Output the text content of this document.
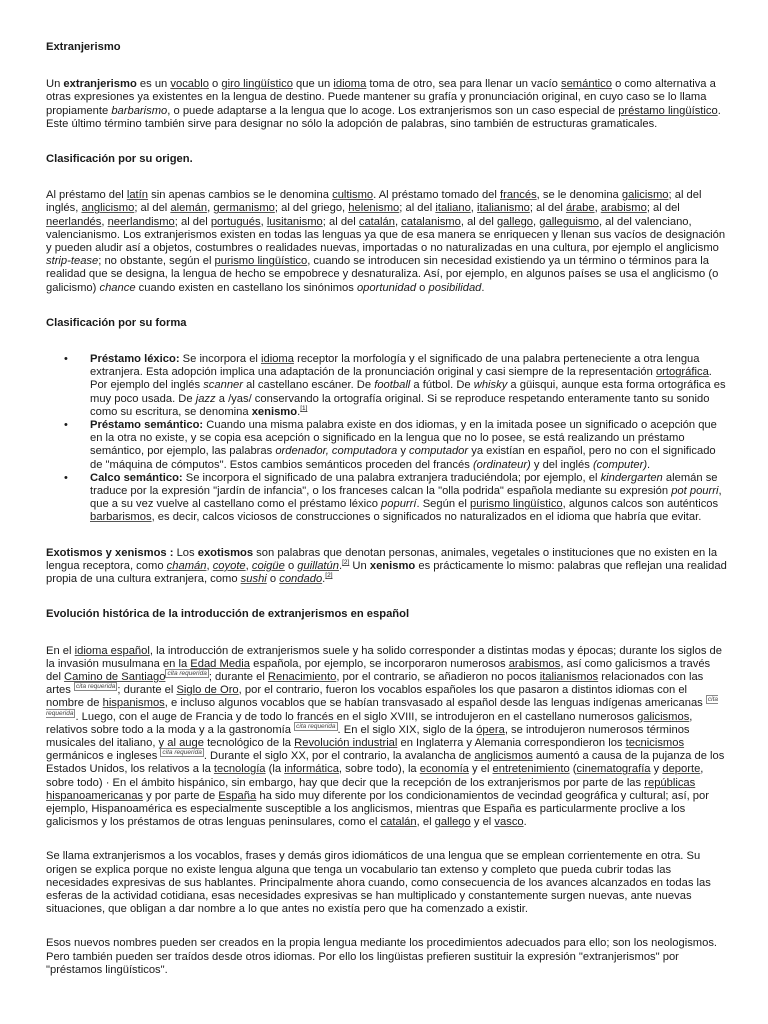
Extranjerismo

Un extranjerismo es un vocablo o giro lingüístico que un idioma toma de otro, sea para llenar un vacío semántico o como alternativa a otras expresiones ya existentes en la lengua de destino. Puede mantener su grafía y pronunciación original, en cuyo caso se lo llama propiamente barbarismo, o puede adaptarse a la lengua que lo acoge. Los extranjerismos son un caso especial de préstamo lingüístico. Este último término también sirve para designar no sólo la adopción de palabras, sino también de estructuras gramaticales.

Clasificación por su origen.

Al préstamo del latín sin apenas cambios se le denomina cultismo. Al préstamo tomado del francés, se le denomina galicismo; al del inglés, anglicismo; al del alemán, germanismo; al del griego, helenismo; al del italiano, italianismo; al del árabe, arabismo; al del neerlandés, neerlandismo; al del portugués, lusitanismo; al del catalán, catalanismo, al del gallego, galleguismo, al del valenciano, valencianismo. Los extranjerismos existen en todas las lenguas ya que de esa manera se enriquecen y llenan sus vacíos de designación y pueden aludir así a objetos, costumbres o realidades nuevas, importadas o no naturalizadas en una cultura, por ejemplo el anglicismo strip-tease; no obstante, según el purismo lingüístico, cuando se introducen sin necesidad existiendo ya un término o términos para la realidad que se designa, la lengua de hecho se empobrece y desnaturaliza. Así, por ejemplo, en algunos países se usa el anglicismo (o galicismo) chance cuando existen en castellano los sinónimos oportunidad o posibilidad.

Clasificación por su forma
• Préstamo léxico: Se incorpora el idioma receptor la morfología y el significado de una palabra perteneciente a otra lengua extranjera. Esta adopción implica una adaptación de la pronunciación original y casi siempre de la representación ortográfica. Por ejemplo del inglés scanner al castellano escáner. De football a fútbol. De whisky a güisqui, aunque esta forma ortográfica es muy poco usada. De jazz a /yas/ conservando la ortografía original. Si se reproduce respetando enteramente tanto su sonido como su escritura, se denomina xenismo.[1]
• Préstamo semántico: Cuando una misma palabra existe en dos idiomas, y en la imitada posee un significado o acepción que en la otra no existe, y se copia esa acepción o significado en la lengua que no lo posee, se está realizando un préstamo semántico, por ejemplo, las palabras ordenador, computadora y computador ya existían en español, pero no con el significado de "máquina de cómputos". Estos cambios semánticos proceden del francés (ordinateur) y del inglés (computer).
• Calco semántico: Se incorpora el significado de una palabra extranjera traduciéndola; por ejemplo, el kindergarten alemán se traduce por la expresión "jardín de infancia", o los franceses calcan la "olla podrida" española mediante su expresión pot pourri, que a su vez vuelve al castellano como el préstamo léxico popurrí. Según el purismo lingüístico, algunos calcos son auténticos barbarismos, es decir, calcos viciosos de construcciones o significados no naturalizados en el idioma que habría que evitar.

Exotismos y xenismos : Los exotismos son palabras que denotan personas, animales, vegetales o instituciones que no existen en la lengua receptora, como chamán, coyote, coigüe o guillatún.[2] Un xenismo es prácticamente lo mismo: palabras que reflejan una realidad propia de una cultura extranjera, como sushi o condado.[2]

Evolución histórica de la introducción de extranjerismos en español

En el idioma español, la introducción de extranjerismos suele y ha solido corresponder a distintas modas y épocas; durante los siglos de la invasión musulmana en la Edad Media española, por ejemplo, se incorporaron numerosos arabismos, así como galicismos a través del Camino de Santiago $^{cita requerida}$ ; durante el Renacimiento, por el contrario, se añadieron no pocos italianismos relacionados con las artes $^{cita requerida}$ ; durante el Siglo de Oro, por el contrario, fueron los vocablos españoles los que pasaron a distintos idiomas con el nombre de hispanismos, e incluso algunos vocablos que se habían transvasado al español desde las lenguas indígenas americanas $^{cita requerida}$ . Luego, con el auge de Francia y de todo lo francés en el siglo XVIII, se introdujeron en el castellano numerosos galicismos, relativos sobre todo a la moda y a la gastronomía $^{cita requerida}$ . En el siglo XIX, siglo de la ópera, se introdujeron numerosos términos musicales del italiano, y al auge tecnológico de la Revolución industrial en Inglaterra y Alemania correspondieron los tecnicismos germánicos e ingleses $^{cita requerida}$ . Durante el siglo XX, por el contrario, la avalancha de anglicismos aumentó a causa de la pujanza de los Estados Unidos, los relativos a la tecnología (la informática, sobre todo), la economía y el entretenimiento (cinematografía y deporte, sobre todo) · En el ámbito hispánico, sin embargo, hay que decir que la recepción de los extranjerismos por parte de las repúblicas hispanoamericanas y por parte de España ha sido muy diferente por los condicionamientos de vecindad geográfica y cultural; así, por ejemplo, Hispanoamérica es especialmente susceptible a los anglicismos, mientras que España es particularmente proclive a los galicismos y los préstamos de otras lenguas peninsulares, como el catalán, el gallego y el vasco.

Se llama extranjerismos a los vocablos, frases y demás giros idiomáticos de una lengua que se emplean corrientemente en otra. Su origen se explica porque no existe lengua alguna que tenga un vocabulario tan extenso y completo que pueda cubrir todas las necesidades expresivas de sus hablantes. Principalmente ahora cuando, como consecuencia de los avances alcanzados en todas las esferas de la actividad cotidiana, esas necesidades expresivas se han multiplicado y constantemente surgen nuevas, ante nuevas situaciones, que obligan a dar nombre a lo que antes no existía pero que ha comenzado a existir.

Esos nuevos nombres pueden ser creados en la propia lengua mediante los procedimientos adecuados para ello; son los neologismos. Pero también pueden ser traídos desde otros idiomas. Por ello los lingüistas prefieren sustituir la expresión "extranjerismos" por "préstamos lingüísticos".
